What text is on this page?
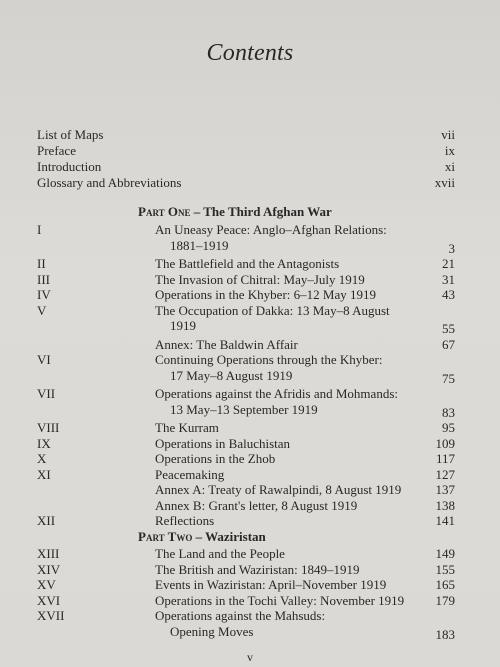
Contents
List of Maps	vii
Preface	ix
Introduction	xi
Glossary and Abbreviations	xvii
Part One – The Third Afghan War
I	An Uneasy Peace: Anglo–Afghan Relations:
1881–1919	3
II	The Battlefield and the Antagonists	21
III	The Invasion of Chitral: May–July 1919	31
IV	Operations in the Khyber: 6–12 May 1919	43
V	The Occupation of Dakka: 13 May–8 August
1919	55
Annex: The Baldwin Affair	67
VI	Continuing Operations through the Khyber:
17 May–8 August 1919	75
VII	Operations against the Afridis and Mohmands:
13 May–13 September 1919	83
VIII	The Kurram	95
IX	Operations in Baluchistan	109
X	Operations in the Zhob	117
XI	Peacemaking	127
Annex A: Treaty of Rawalpindi, 8 August 1919	137
Annex B: Grant's letter, 8 August 1919	138
XII	Reflections	141
Part Two – Waziristan
XIII	The Land and the People	149
XIV	The British and Waziristan: 1849–1919	155
XV	Events in Waziristan: April–November 1919	165
XVI	Operations in the Tochi Valley: November 1919	179
XVII	Operations against the Mahsuds:
Opening Moves	183
v
